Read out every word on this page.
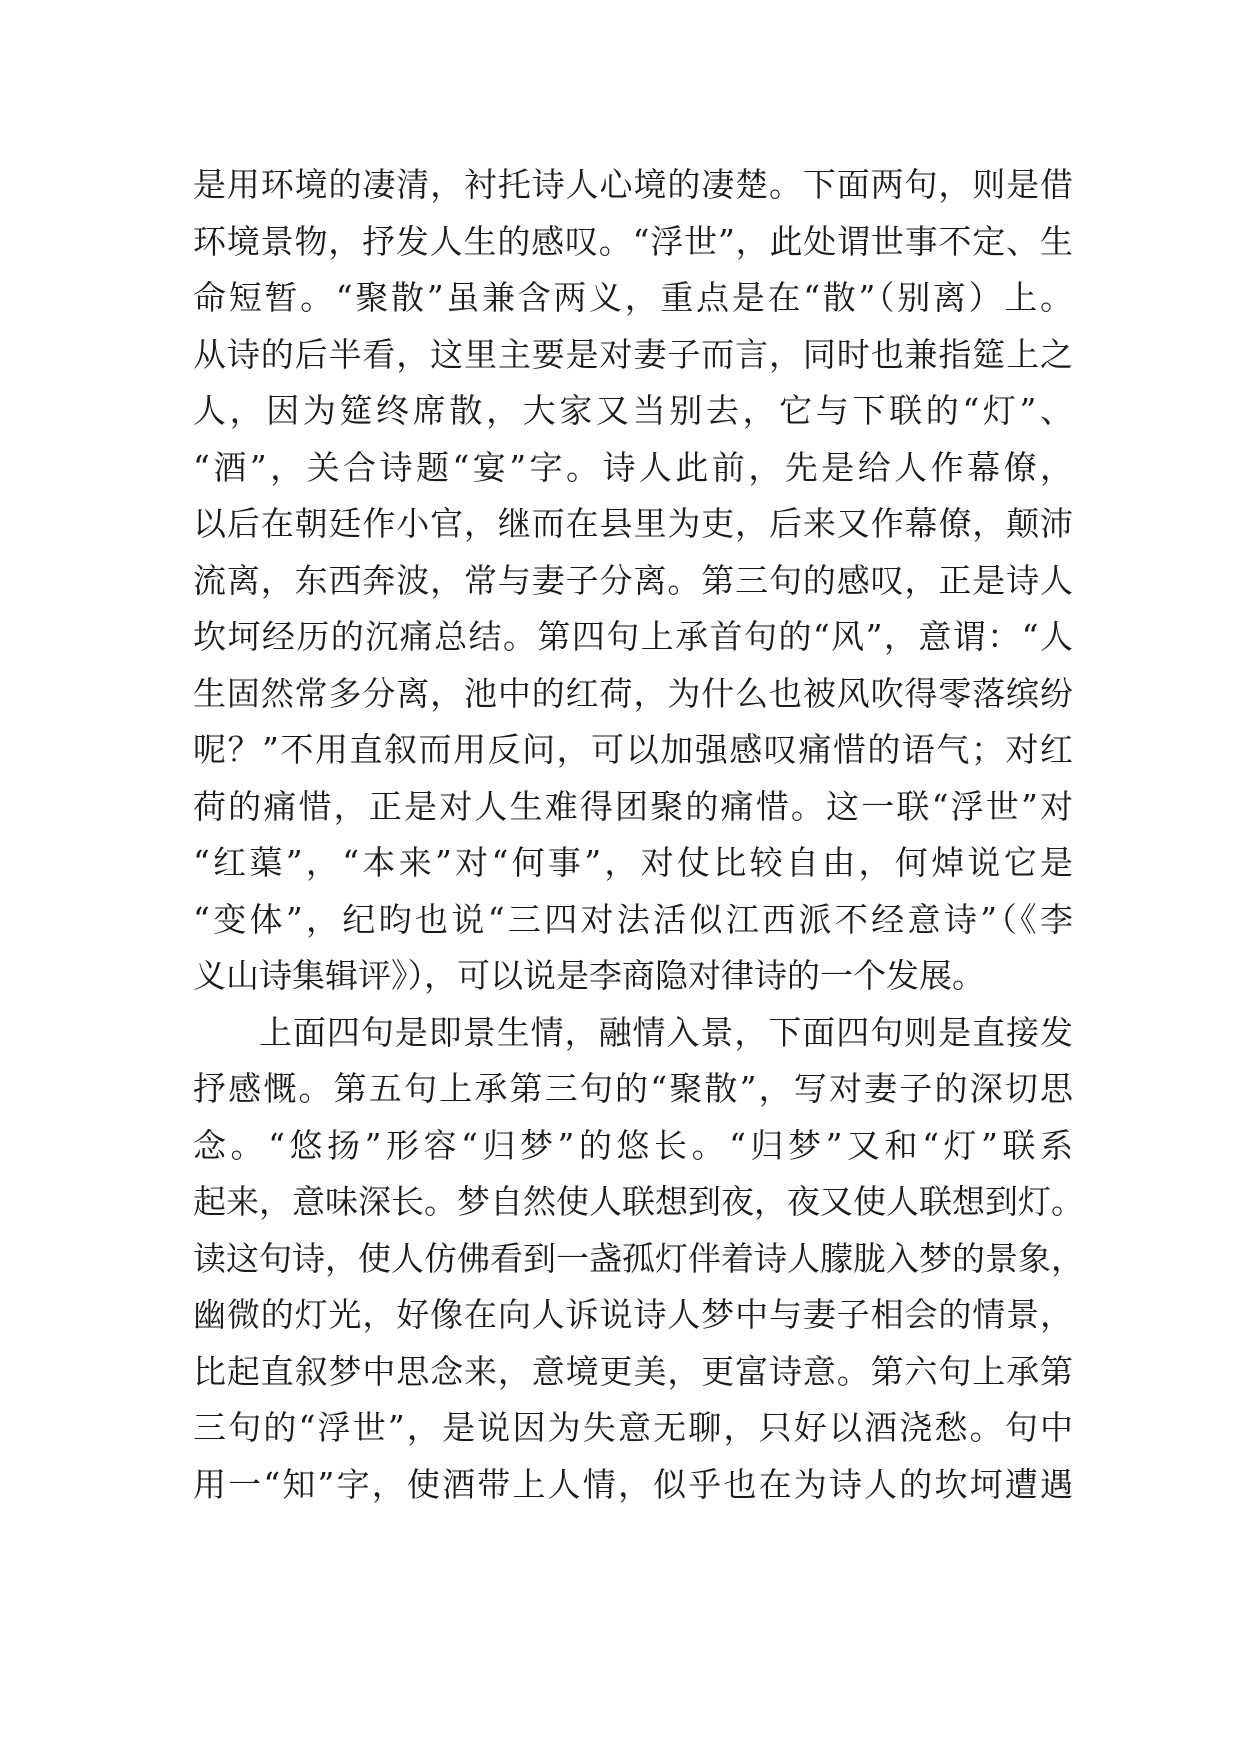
是用环境的凄清，衬托诗人心境的凄楚。下面两句，则是借
环境景物，抒发人生的感叹。“浮世”，此处谓世事不定、生
命短暂。“聚散”虽兼含两义，重点是在“散”（别离）上。
从诗的后半看，这里主要是对妻子而言，同时也兼指筵上之
人，因为筵终席散，大家又当别去，它与下联的“灯”、
“酒”，关合诗题“宴”字。诗人此前，先是给人作幕僚，
以后在朝廷作小官，继而在县里为吏，后来又作幕僚，颠沛
流离，东西奔波，常与妻子分离。第三句的感叹，正是诗人
坎坷经历的沉痛总结。第四句上承首句的“风”，意谓：“人
生固然常多分离，池中的红荷，为什么也被风吹得零落缤纷
呢？”不用直叙而用反问，可以加强感叹痛惜的语气；对红
荷的痛惜，正是对人生难得团聚的痛惜。这一联“浮世”对
“红蕖”，“本来”对“何事”，对仗比较自由，何焯说它是
“变体”，纪昀也说“三四对法活似江西派不经意诗”（《李
义山诗集辑评》），可以说是李商隐对律诗的一个发展。
上面四句是即景生情，融情入景，下面四句则是直接发
抒感慨。第五句上承第三句的“聚散”，写对妻子的深切思
念。“悠扬”形容“归梦”的悠长。“归梦”又和“灯”联系
起来，意味深长。梦自然使人联想到夜，夜又使人联想到灯。
读这句诗，使人仿佛看到一盏孤灯伴着诗人朦胧入梦的景象，
幽微的灯光，好像在向人诉说诗人梦中与妻子相会的情景，
比起直叙梦中思念来，意境更美，更富诗意。第六句上承第
三句的“浮世”，是说因为失意无聊，只好以酒浇愁。句中
用一“知”字，使酒带上人情，似乎也在为诗人的坎坷遭遇
